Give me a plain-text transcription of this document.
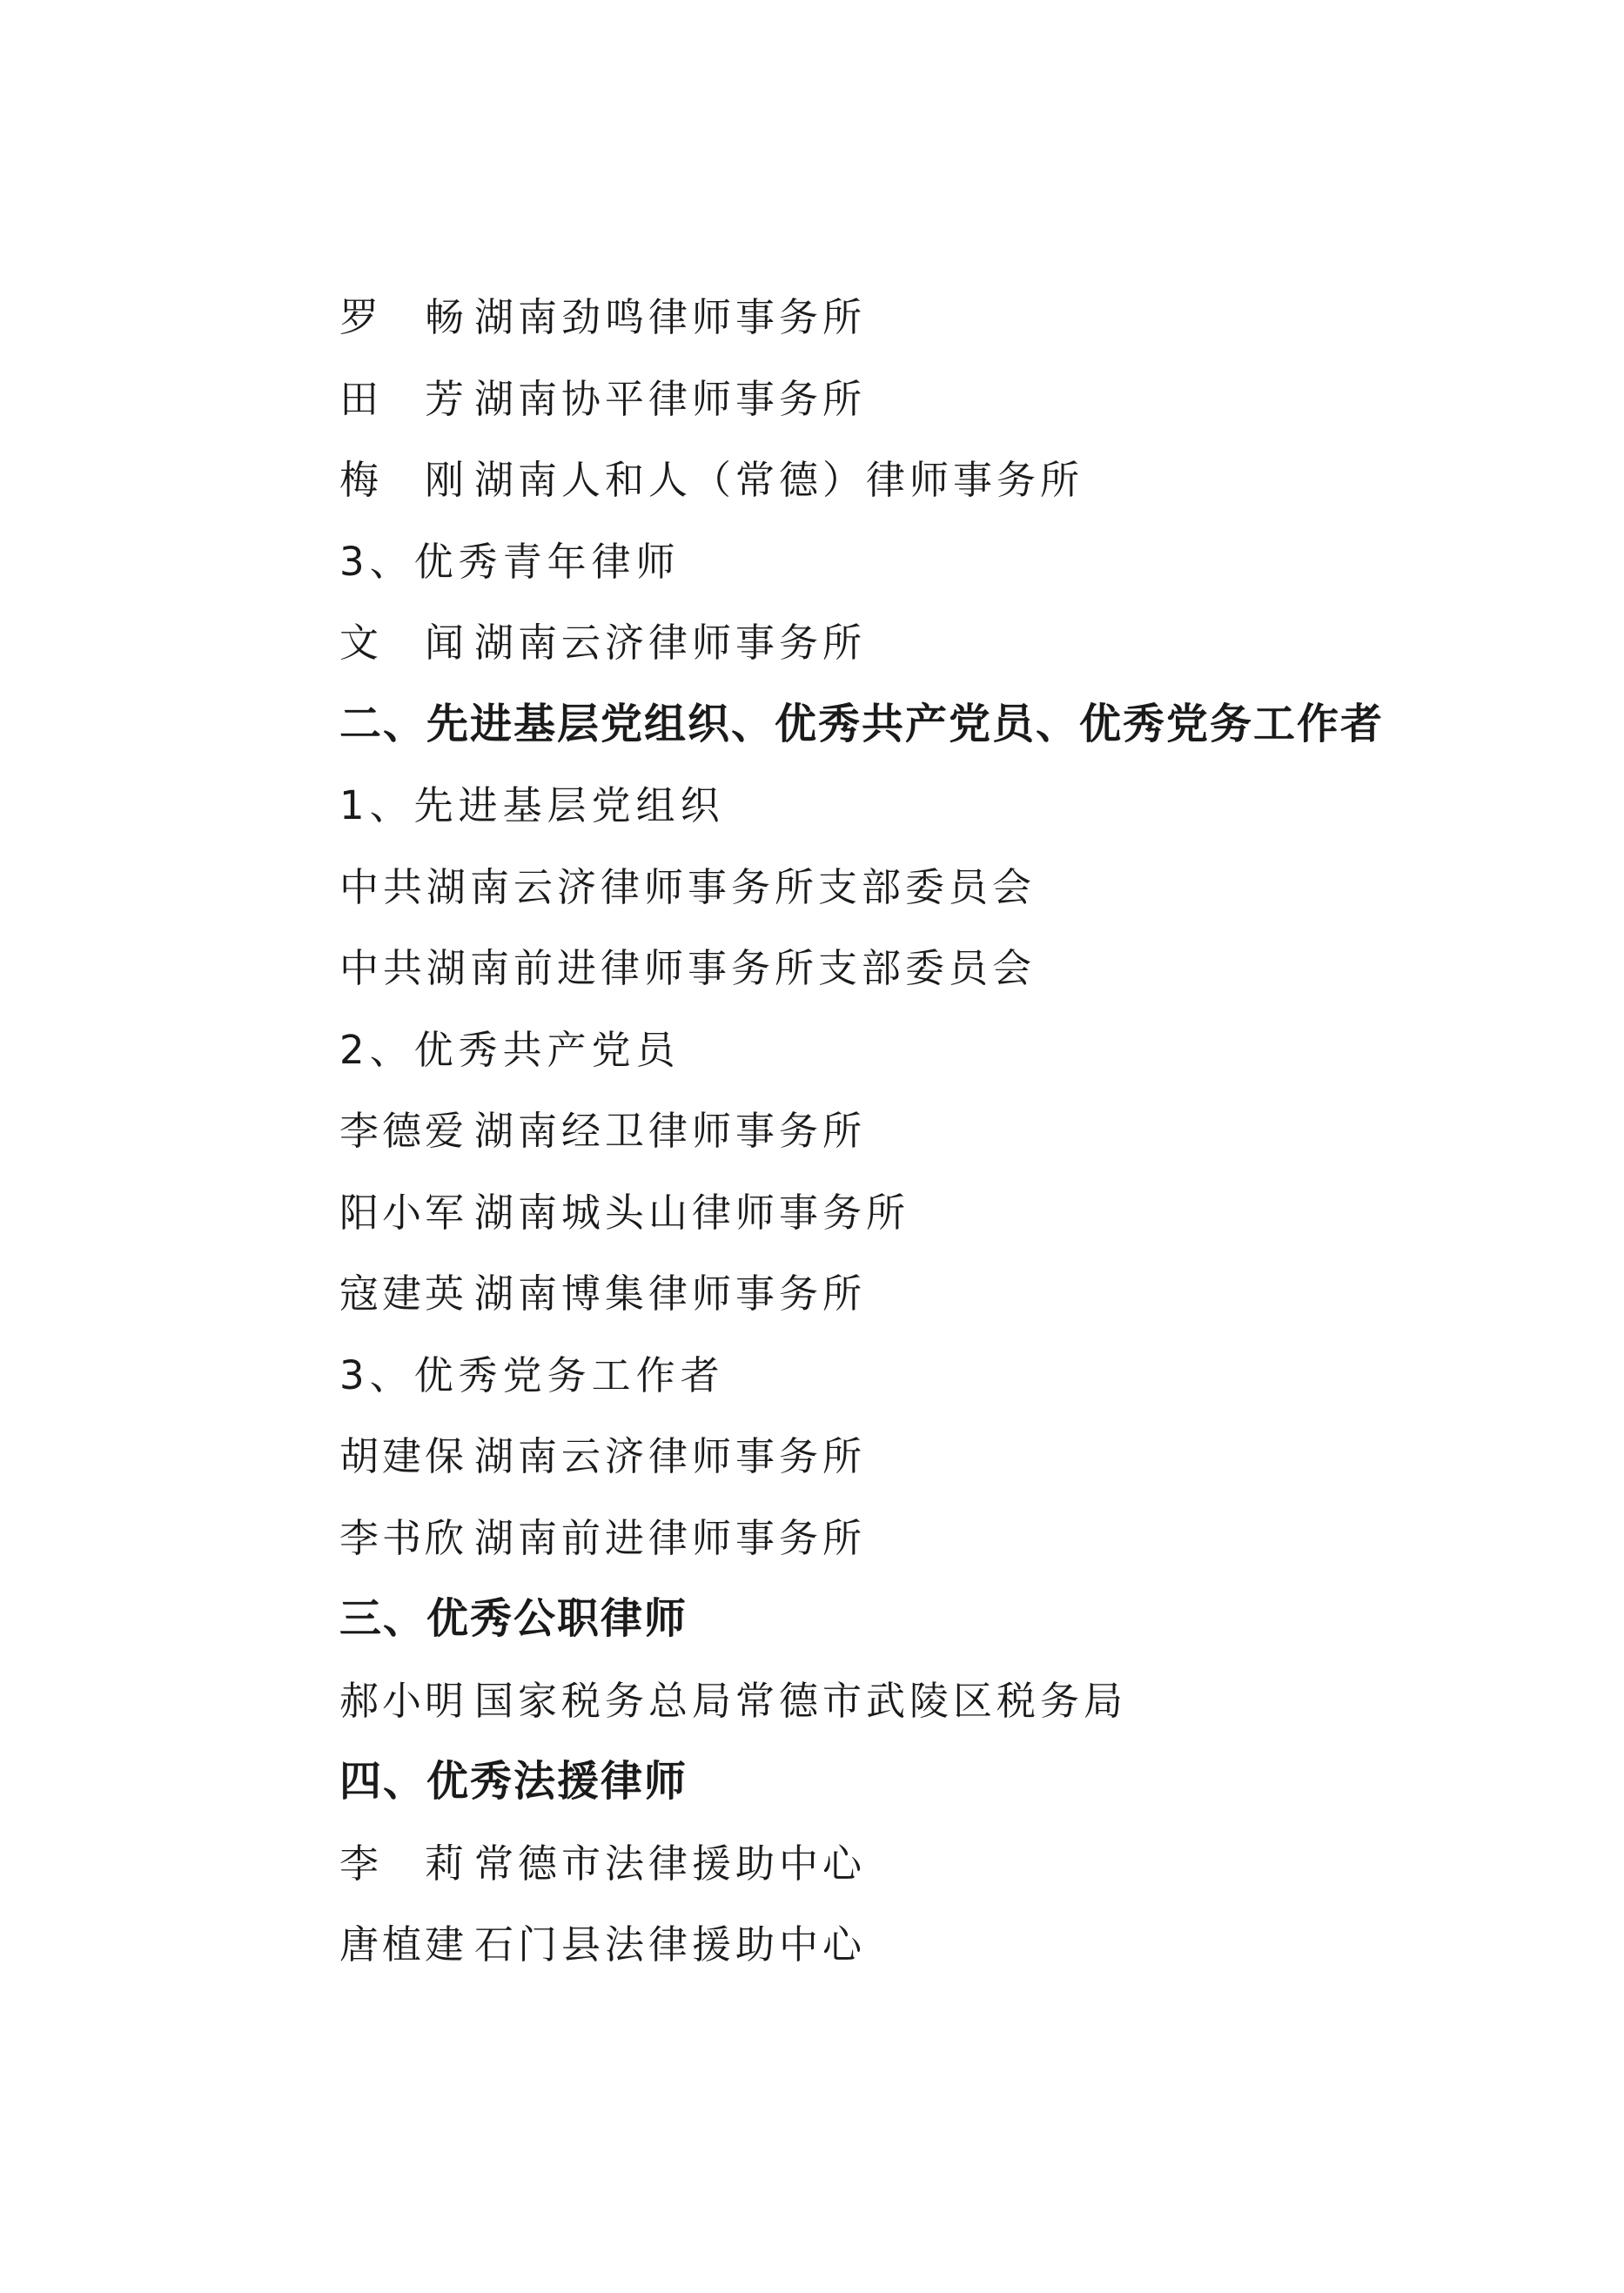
罗　畅 湖南劲鸣律师事务所
田　芳 湖南协平律师事务所
梅　刚 湖南人和人（常德）律师事务所
3、优秀青年律师
文　闻 湖南云济律师事务所
二、先进基层党组织、优秀共产党员、优秀党务工作者
1、先进基层党组织
中共湖南云济律师事务所支部委员会
中共湖南前进律师事务所支部委员会
2、优秀共产党员
李德爱 湖南经卫律师事务所
阳小军 湖南城头山律师事务所
寇建英 湖南博集律师事务所
3、优秀党务工作者
胡建保 湖南云济律师事务所
李书欣 湖南前进律师事务所
三、优秀公职律师
郝小明 国家税务总局常德市武陵区税务局
四、优秀法援律师
李　莉 常德市法律援助中心
唐植建 石门县法律援助中心
